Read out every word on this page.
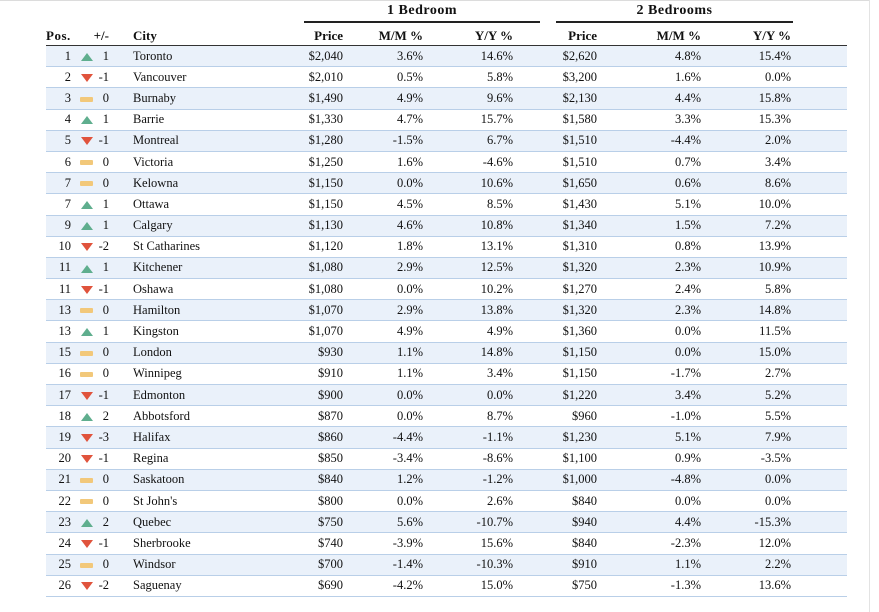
1 Bedroom	2 Bedrooms
Pos.		+/-		City	Price	M/M %	Y/Y %	Price	M/M %	Y/Y %	
1		1		Toronto	$2,040	3.6%	14.6%	$2,620	4.8%	15.4%	
2		-1		Vancouver	$2,010	0.5%	5.8%	$3,200	1.6%	0.0%	
3		0		Burnaby	$1,490	4.9%	9.6%	$2,130	4.4%	15.8%	
4		1		Barrie	$1,330	4.7%	15.7%	$1,580	3.3%	15.3%	
5		-1		Montreal	$1,280	-1.5%	6.7%	$1,510	-4.4%	2.0%	
6		0		Victoria	$1,250	1.6%	-4.6%	$1,510	0.7%	3.4%	
7		0		Kelowna	$1,150	0.0%	10.6%	$1,650	0.6%	8.6%	
7		1		Ottawa	$1,150	4.5%	8.5%	$1,430	5.1%	10.0%	
9		1		Calgary	$1,130	4.6%	10.8%	$1,340	1.5%	7.2%	
10		-2		St Catharines	$1,120	1.8%	13.1%	$1,310	0.8%	13.9%	
11		1		Kitchener	$1,080	2.9%	12.5%	$1,320	2.3%	10.9%	
11		-1		Oshawa	$1,080	0.0%	10.2%	$1,270	2.4%	5.8%	
13		0		Hamilton	$1,070	2.9%	13.8%	$1,320	2.3%	14.8%	
13		1		Kingston	$1,070	4.9%	4.9%	$1,360	0.0%	11.5%	
15		0		London	$930	1.1%	14.8%	$1,150	0.0%	15.0%	
16		0		Winnipeg	$910	1.1%	3.4%	$1,150	-1.7%	2.7%	
17		-1		Edmonton	$900	0.0%	0.0%	$1,220	3.4%	5.2%	
18		2		Abbotsford	$870	0.0%	8.7%	$960	-1.0%	5.5%	
19		-3		Halifax	$860	-4.4%	-1.1%	$1,230	5.1%	7.9%	
20		-1		Regina	$850	-3.4%	-8.6%	$1,100	0.9%	-3.5%	
21		0		Saskatoon	$840	1.2%	-1.2%	$1,000	-4.8%	0.0%	
22		0		St John's	$800	0.0%	2.6%	$840	0.0%	0.0%	
23		2		Quebec	$750	5.6%	-10.7%	$940	4.4%	-15.3%	
24		-1		Sherbrooke	$740	-3.9%	15.6%	$840	-2.3%	12.0%	
25		0		Windsor	$700	-1.4%	-10.3%	$910	1.1%	2.2%	
26		-2		Saguenay	$690	-4.2%	15.0%	$750	-1.3%	13.6%	
